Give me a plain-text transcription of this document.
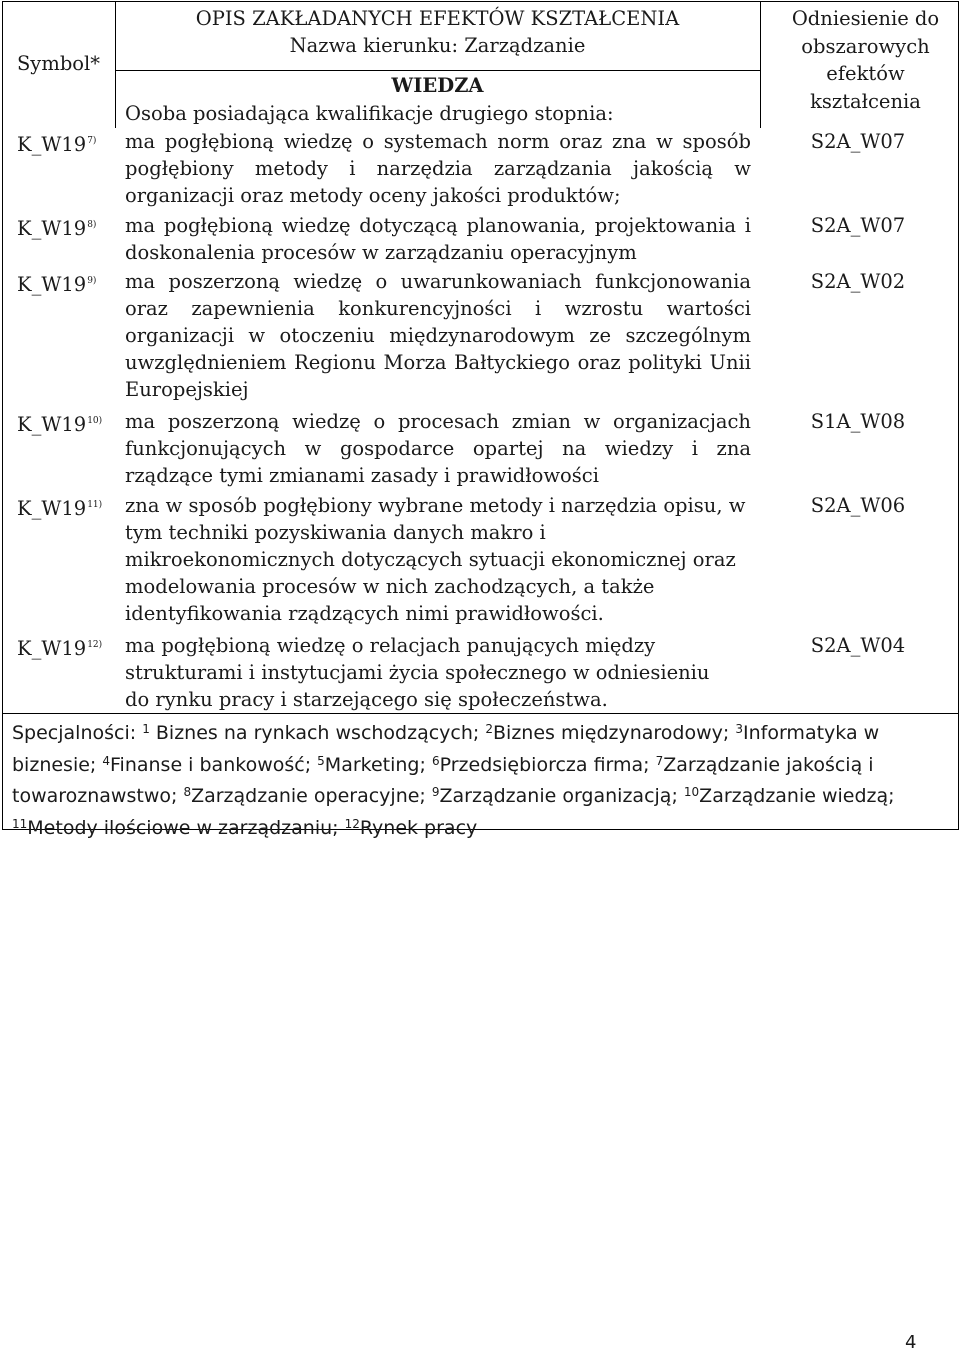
Symbol*
OPIS ZAKŁADANYCH EFEKTÓW KSZTAŁCENIA
Nazwa kierunku: Zarządzanie
Odniesienie do obszarowych efektów kształcenia
WIEDZA
Osoba posiadająca kwalifikacje drugiego stopnia:
K_W19$^{7)}$ ma pogłębioną wiedzę o systemach norm oraz zna w sposób pogłębiony metody i narzędzia zarządzania jakością w organizacji oraz metody oceny jakości produktów;
S2A_W07
K_W19$^{8)}$ ma pogłębioną wiedzę dotyczącą planowania, projektowania i doskonalenia procesów w zarządzaniu operacyjnym
S2A_W07
K_W19$^{9)}$ ma poszerzoną wiedzę o uwarunkowaniach funkcjonowania oraz zapewnienia konkurencyjności i wzrostu wartości organizacji w otoczeniu międzynarodowym ze szczególnym uwzględnieniem Regionu Morza Bałtyckiego oraz polityki Unii Europejskiej
S2A_W02
K_W19$^{10)}$ ma poszerzoną wiedzę o procesach zmian w organizacjach funkcjonujących w gospodarce opartej na wiedzy i zna rządzące tymi zmianami zasady i prawidłowości
S1A_W08
K_W19$^{11)}$ zna w sposób pogłębiony wybrane metody i narzędzia opisu, w tym techniki pozyskiwania danych makro i mikroekonomicznych dotyczących sytuacji ekonomicznej oraz modelowania procesów w nich zachodzących, a także identyfikowania rządzących nimi prawidłowości.
S2A_W06
K_W19$^{12)}$ ma pogłębioną wiedzę o relacjach panujących między strukturami i instytucjami życia społecznego w odniesieniu do rynku pracy i starzejącego się społeczeństwa.
S2A_W04
Specjalności: $^1$ Biznes na rynkach wschodzących; $^2$Biznes międzynarodowy; $^3$Informatyka w biznesie; $^4$Finanse i bankowość; $^5$Marketing; $^6$Przedsiębiorcza firma; $^7$Zarządzanie jakością i towaroznawstwo; $^8$Zarządzanie operacyjne; $^9$Zarządzanie organizacją; $^{10}$Zarządzanie wiedzą; $^{11}$Metody ilościowe w zarządzaniu; $^{12}$Rynek pracy
4
